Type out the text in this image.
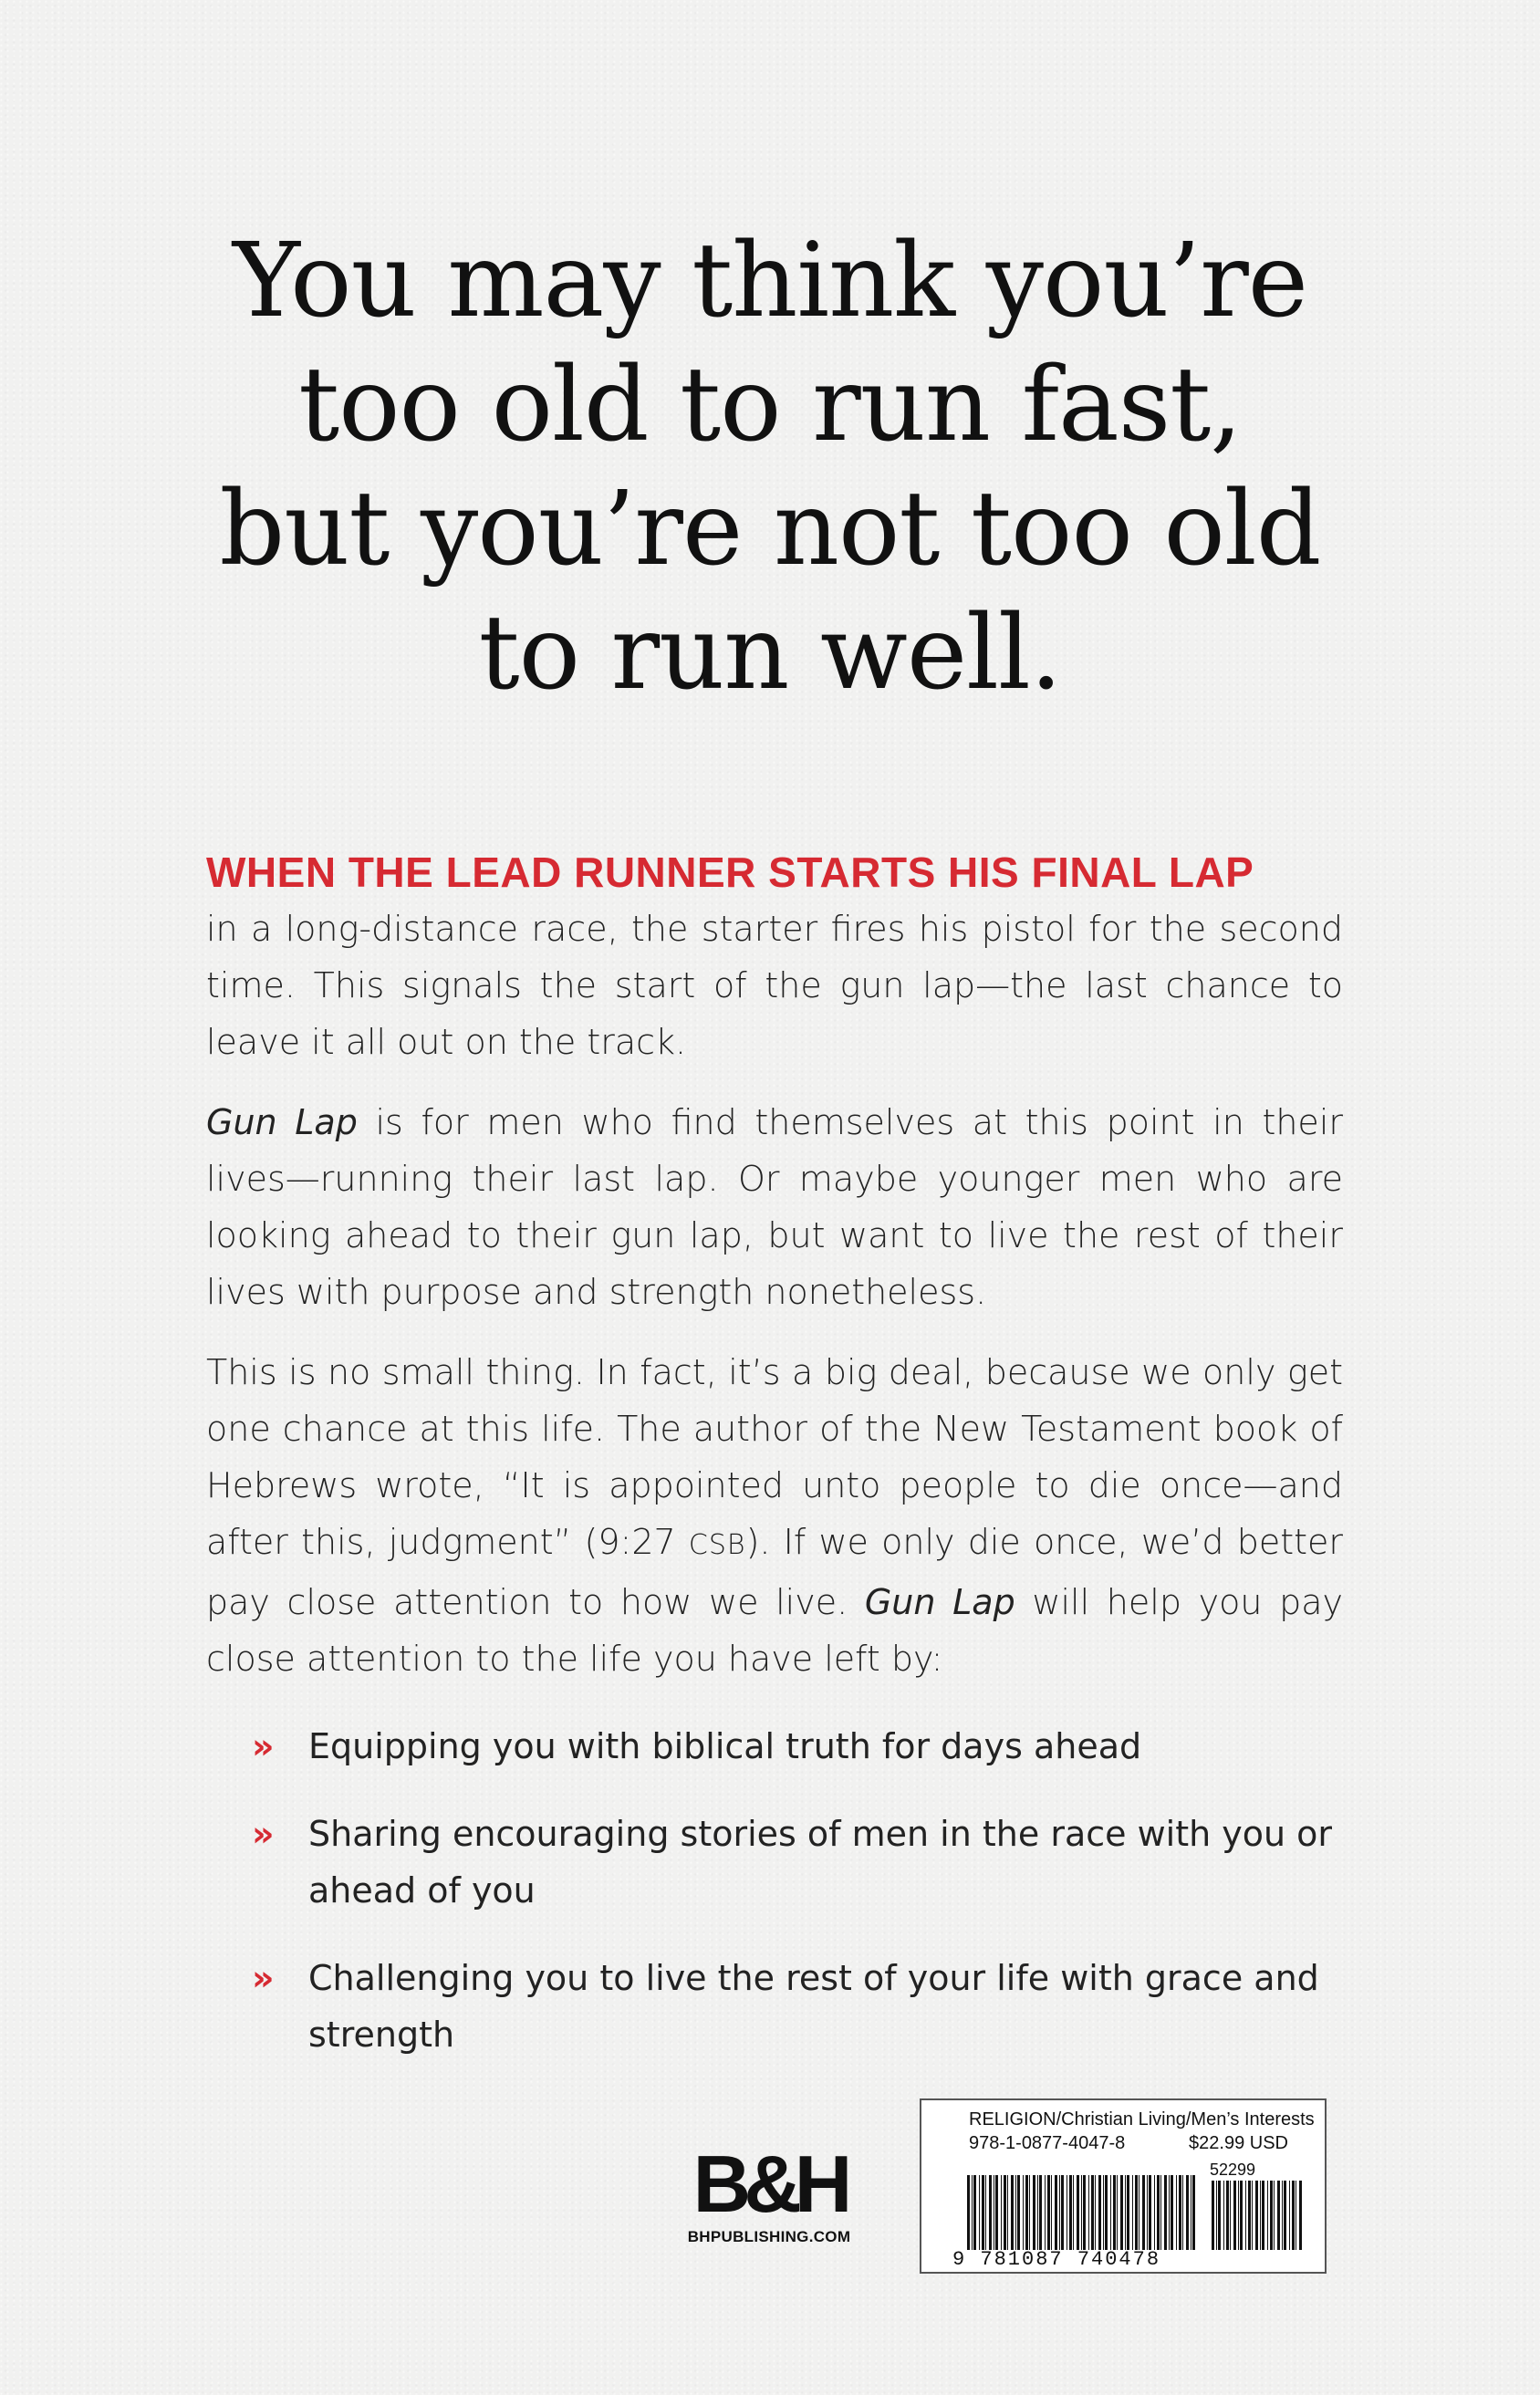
You may think you’re
too old to run fast,
but you’re not too old
to run well.

WHEN THE LEAD RUNNER STARTS HIS FINAL LAP

in a long-distance race, the starter fires his pistol for the second time. This signals the start of the gun lap—the last chance to leave it all out on the track.

Gun Lap is for men who find themselves at this point in their lives—running their last lap. Or maybe younger men who are looking ahead to their gun lap, but want to live the rest of their lives with purpose and strength nonetheless.

This is no small thing. In fact, it’s a big deal, because we only get one chance at this life. The author of the New Testament book of Hebrews wrote, “It is appointed unto people to die once—and after this, judgment” (9:27 CSB). If we only die once, we’d better pay close attention to how we live. Gun Lap will help you pay close attention to the life you have left by:

» Equipping you with biblical truth for days ahead
» Sharing encouraging stories of men in the race with you or ahead of you
» Challenging you to live the rest of your life with grace and strength
B&H
BHPUBLISHING.COM
RELIGION/Christian Living/Men’s Interests
978-1-0877-4047-8	$22.99 USD
52299
9 781087 740478
